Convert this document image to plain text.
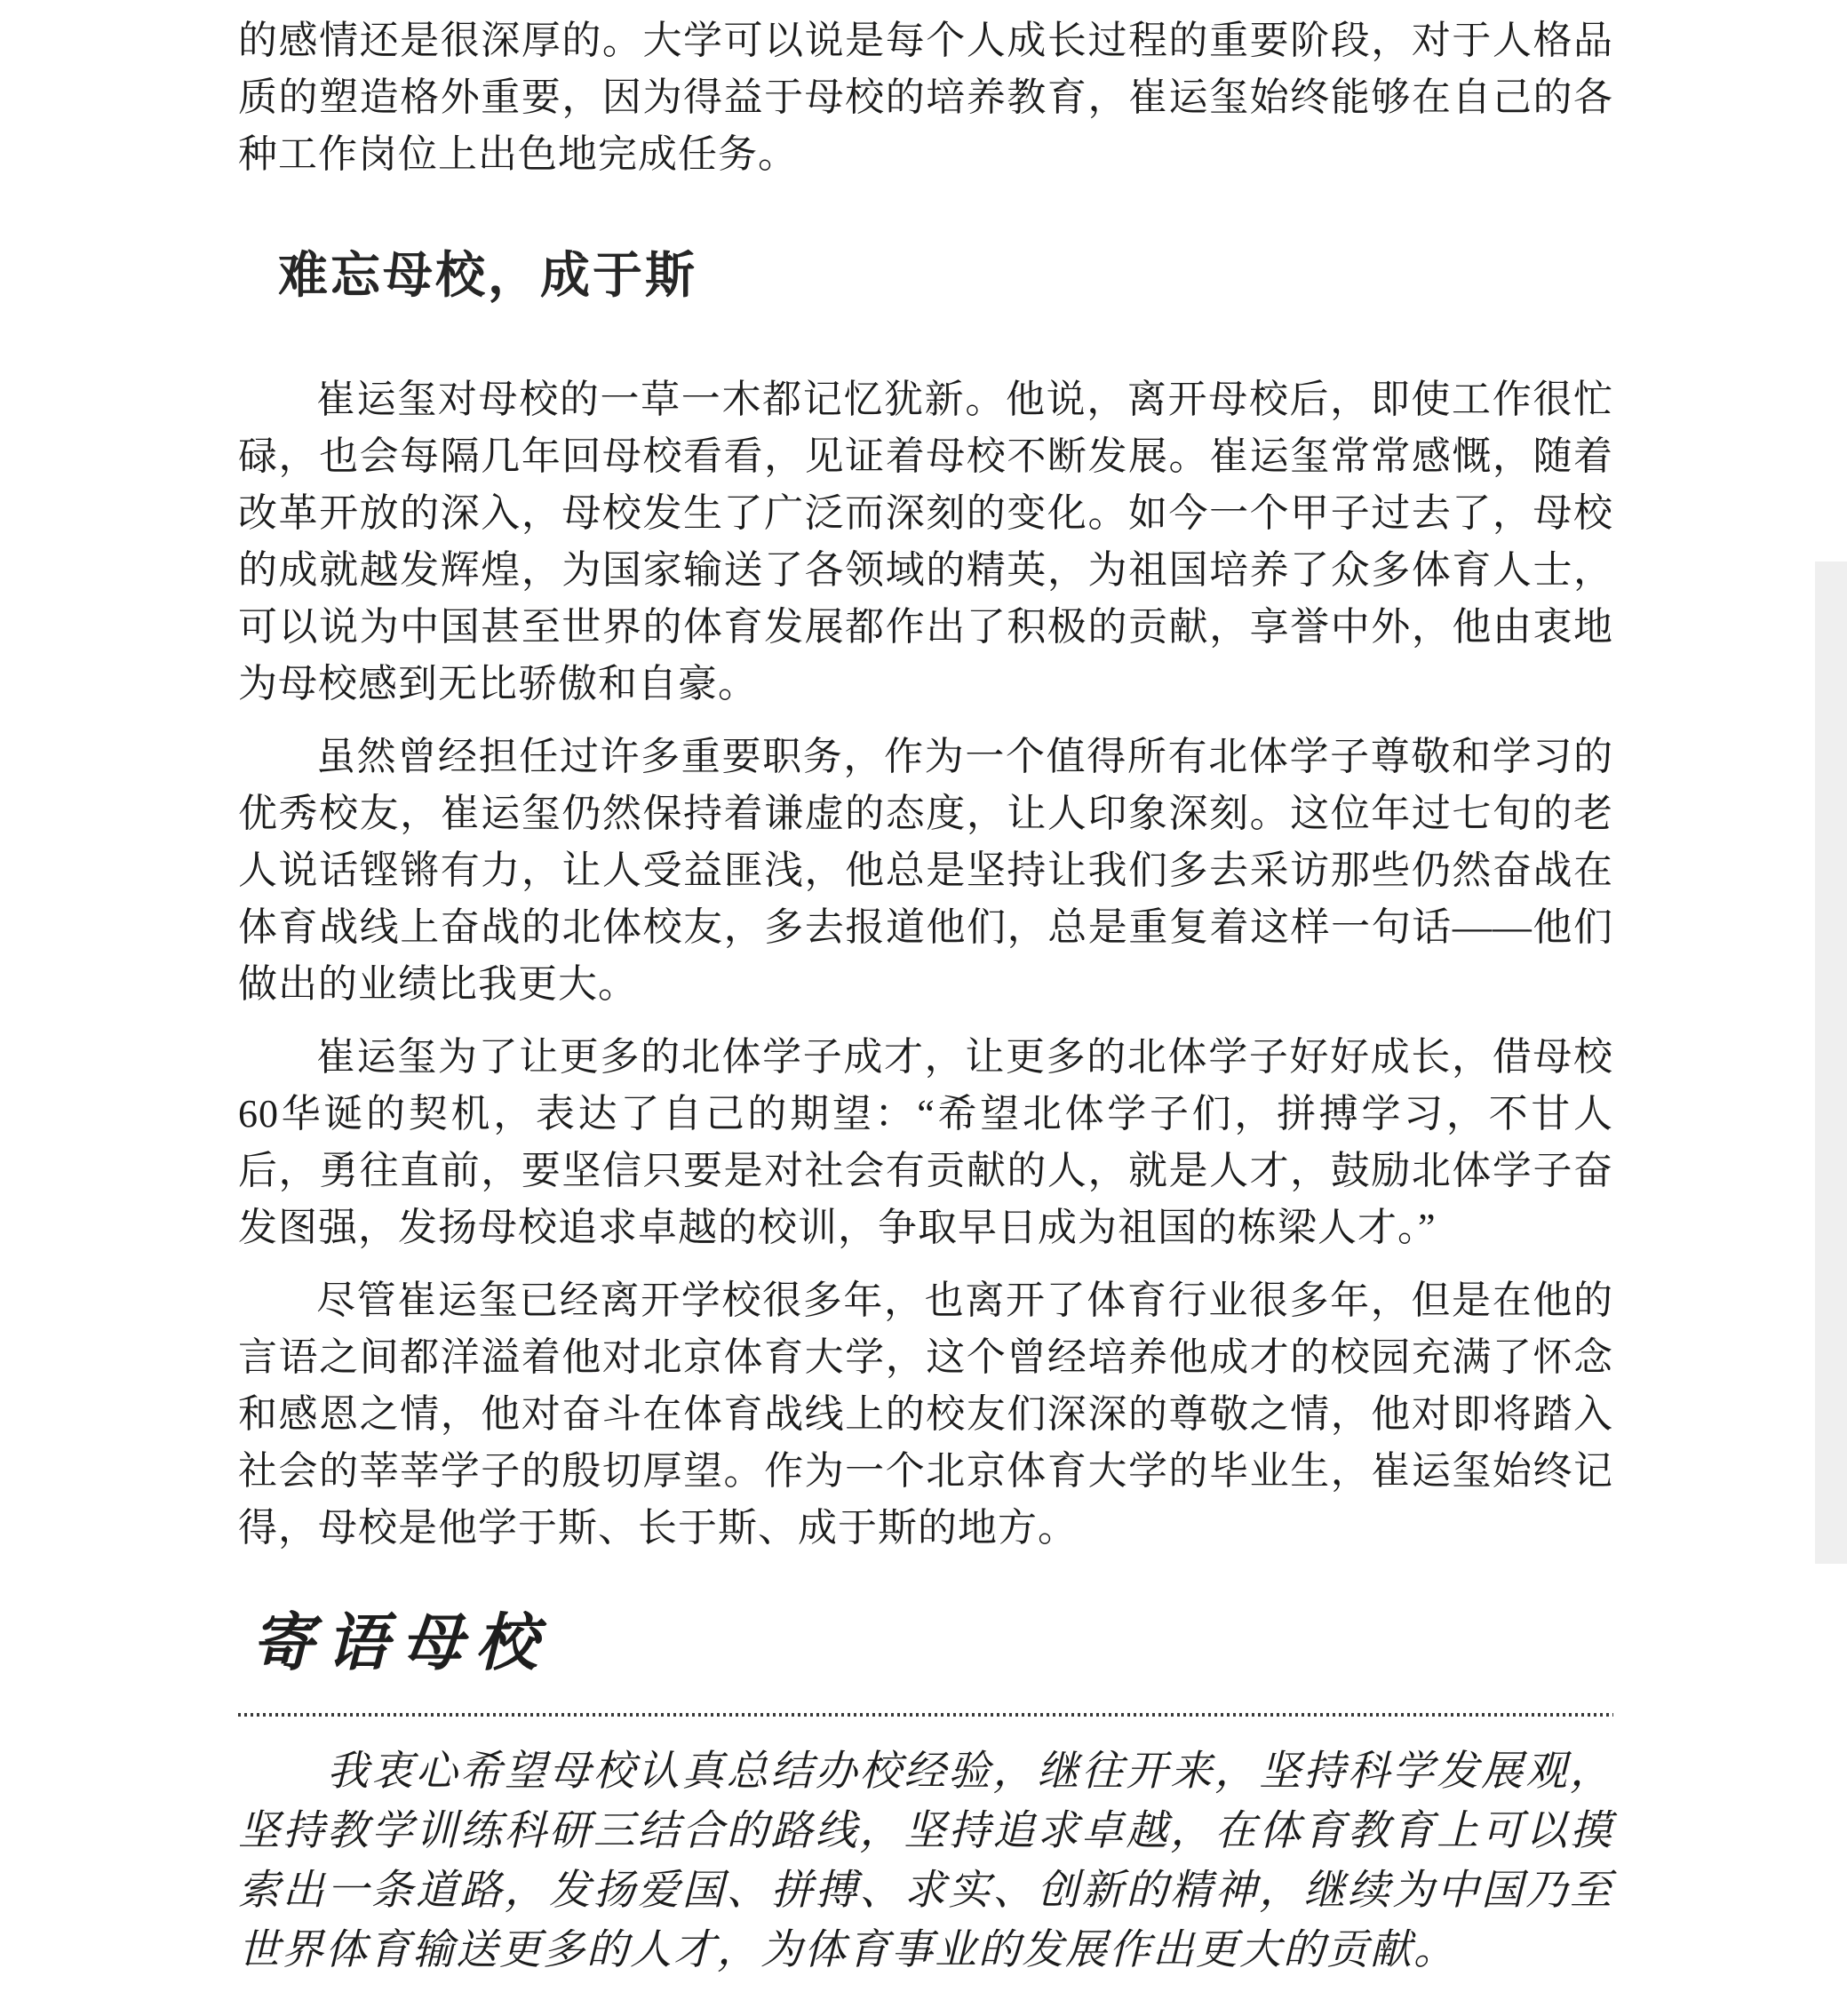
的感情还是很深厚的。大学可以说是每个人成长过程的重要阶段，对于人格品质的塑造格外重要，因为得益于母校的培养教育，崔运玺始终能够在自己的各种工作岗位上出色地完成任务。

难忘母校，成于斯

崔运玺对母校的一草一木都记忆犹新。他说，离开母校后，即使工作很忙碌，也会每隔几年回母校看看，见证着母校不断发展。崔运玺常常感慨，随着改革开放的深入，母校发生了广泛而深刻的变化。如今一个甲子过去了，母校的成就越发辉煌，为国家输送了各领域的精英，为祖国培养了众多体育人士，可以说为中国甚至世界的体育发展都作出了积极的贡献，享誉中外，他由衷地为母校感到无比骄傲和自豪。

虽然曾经担任过许多重要职务，作为一个值得所有北体学子尊敬和学习的优秀校友，崔运玺仍然保持着谦虚的态度，让人印象深刻。这位年过七旬的老人说话铿锵有力，让人受益匪浅，他总是坚持让我们多去采访那些仍然奋战在体育战线上奋战的北体校友，多去报道他们，总是重复着这样一句话——他们做出的业绩比我更大。

崔运玺为了让更多的北体学子成才，让更多的北体学子好好成长，借母校60华诞的契机，表达了自己的期望：“希望北体学子们，拼搏学习，不甘人后，勇往直前，要坚信只要是对社会有贡献的人，就是人才，鼓励北体学子奋发图强，发扬母校追求卓越的校训，争取早日成为祖国的栋梁人才。”

尽管崔运玺已经离开学校很多年，也离开了体育行业很多年，但是在他的言语之间都洋溢着他对北京体育大学，这个曾经培养他成才的校园充满了怀念和感恩之情，他对奋斗在体育战线上的校友们深深的尊敬之情，他对即将踏入社会的莘莘学子的殷切厚望。作为一个北京体育大学的毕业生，崔运玺始终记得，母校是他学于斯、长于斯、成于斯的地方。

寄语母校

我衷心希望母校认真总结办校经验，继往开来，坚持科学发展观，坚持教学训练科研三结合的路线，坚持追求卓越，在体育教育上可以摸索出一条道路，发扬爱国、拼搏、求实、创新的精神，继续为中国乃至世界体育输送更多的人才，为体育事业的发展作出更大的贡献。
